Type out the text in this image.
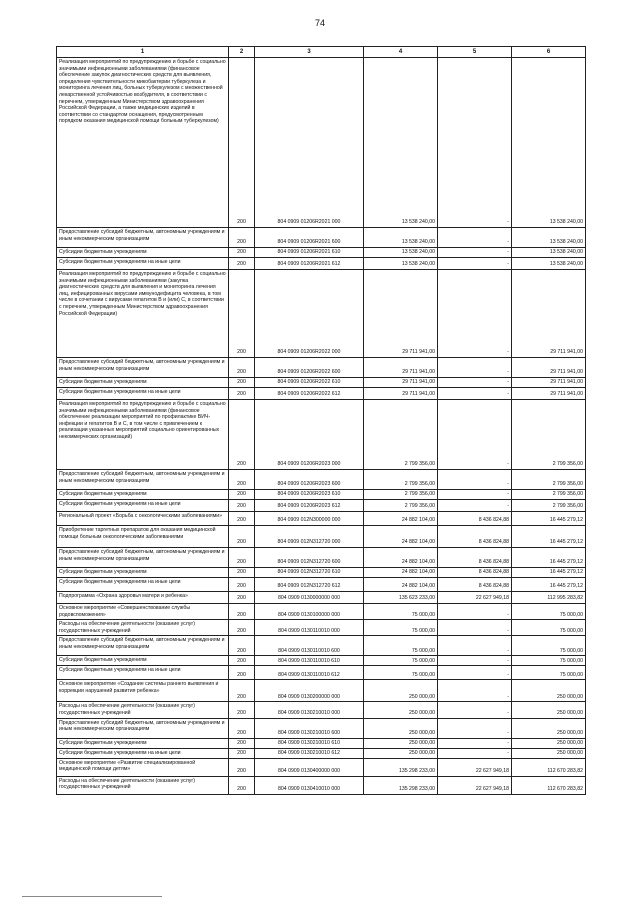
74
1	2	3	4	5	6
Реализация мероприятий по предупреждению и борьбе с социально значимыми инфекционными заболеваниями (финансовое обеспечение закупок диагностических средств для выявления, определения чувствительности микобактерии туберкулеза и мониторинга лечения лиц, больных туберкулезом с множественной лекарственной устойчивостью возбудителя, в соответствии с перечнем, утвержденным Министерством здравоохранения Российской Федерации, а также медицинских изделий в соответствии со стандартом оснащения, предусмотренным порядком оказания медицинской помощи больным туберкулезом)	200	804 0909 01206R2021 000	13 538 240,00	-	13 538 240,00
Предоставление субсидий бюджетным, автономным учреждениям и иным некоммерческим организациям	200	804 0909 01206R2021 600	13 538 240,00	-	13 538 240,00
Субсидии бюджетным учреждениям	200	804 0909 01206R2021 610	13 538 240,00	-	13 538 240,00
Субсидии бюджетным учреждениям на иные цели	200	804 0909 01206R2021 612	13 538 240,00	-	13 538 240,00
Реализация мероприятий по предупреждению и борьбе с социально значимыми инфекционными заболеваниями (закупка диагностических средств для выявления и мониторинга лечения лиц, инфицированных вирусами иммунодефицита человека, в том числе в сочетании с вирусами гепатитов B и (или) C, в соответствии с перечнем, утвержденным Министерством здравоохранения Российской Федерации)	200	804 0909 01206R2022 000	29 711 941,00	-	29 711 941,00
Предоставление субсидий бюджетным, автономным учреждениям и иным некоммерческим организациям	200	804 0909 01206R2022 600	29 711 941,00	-	29 711 941,00
Субсидии бюджетным учреждениям	200	804 0909 01206R2022 610	29 711 941,00	-	29 711 941,00
Субсидии бюджетным учреждениям на иные цели	200	804 0909 01206R2022 612	29 711 941,00	-	29 711 941,00
Реализация мероприятий по предупреждению и борьбе с социально значимыми инфекционными заболеваниями (финансовое обеспечение реализации мероприятий по профилактике ВИЧ-инфекции и гепатитов B и C, в том числе с привлечением к реализации указанных мероприятий социально ориентированных некоммерческих организаций)	200	804 0909 01206R2023 000	2 799 356,00	-	2 799 356,00
Предоставление субсидий бюджетным, автономным учреждениям и иным некоммерческим организациям	200	804 0909 01206R2023 600	2 799 356,00	-	2 799 356,00
Субсидии бюджетным учреждениям	200	804 0909 01206R2023 610	2 799 356,00	-	2 799 356,00
Субсидии бюджетным учреждениям на иные цели	200	804 0909 01206R2023 612	2 799 356,00	-	2 799 356,00
Региональный проект «Борьба с онкологическими заболеваниями»	200	804 0909 012N300000 000	24 882 104,00	8 436 824,88	16 445 279,12
Приобретение таргетных препаратов для оказания медицинской помощи больным онкологическими заболеваниями	200	804 0909 012N312720 000	24 882 104,00	8 436 824,88	16 445 279,12
Предоставление субсидий бюджетным, автономным учреждениям и иным некоммерческим организациям	200	804 0909 012N312720 600	24 882 104,00	8 436 824,88	16 445 279,12
Субсидии бюджетным учреждениям	200	804 0909 012N312720 610	24 882 104,00	8 436 824,88	16 445 279,12
Субсидии бюджетным учреждениям на иные цели	200	804 0909 012N312720 612	24 882 104,00	8 436 824,88	16 445 279,12
Подпрограмма «Охрана здоровья матери и ребенка»	200	804 0909 0130000000 000	135 623 233,00	22 627 949,18	112 995 283,82
Основное мероприятие «Совершенствование службы родовспоможения»	200	804 0909 0130100000 000	75 000,00	-	75 000,00
Расходы на обеспечение деятельности (оказание услуг) государственных учреждений	200	804 0909 0130110010 000	75 000,00	-	75 000,00
Предоставление субсидий бюджетным, автономным учреждениям и иным некоммерческим организациям	200	804 0909 0130110010 600	75 000,00	-	75 000,00
Субсидии бюджетным учреждениям	200	804 0909 0130110010 610	75 000,00	-	75 000,00
Субсидии бюджетным учреждениям на иные цели	200	804 0909 0130110010 612	75 000,00	-	75 000,00
Основное мероприятие «Создание системы раннего выявления и коррекции нарушений развития ребенка»	200	804 0909 0130200000 000	250 000,00	-	250 000,00
Расходы на обеспечение деятельности (оказание услуг) государственных учреждений	200	804 0909 0130210010 000	250 000,00	-	250 000,00
Предоставление субсидий бюджетным, автономным учреждениям и иным некоммерческим организациям	200	804 0909 0130210010 600	250 000,00	-	250 000,00
Субсидии бюджетным учреждениям	200	804 0909 0130210010 610	250 000,00	-	250 000,00
Субсидии бюджетным учреждениям на иные цели	200	804 0909 0130210010 612	250 000,00	-	250 000,00
Основное мероприятие «Развитие специализированной медицинской помощи детям»	200	804 0909 0130400000 000	135 298 233,00	22 627 949,18	112 670 283,82
Расходы на обеспечение деятельности (оказание услуг) государственных учреждений	200	804 0909 0130410010 000	135 298 233,00	22 627 949,18	112 670 283,82
